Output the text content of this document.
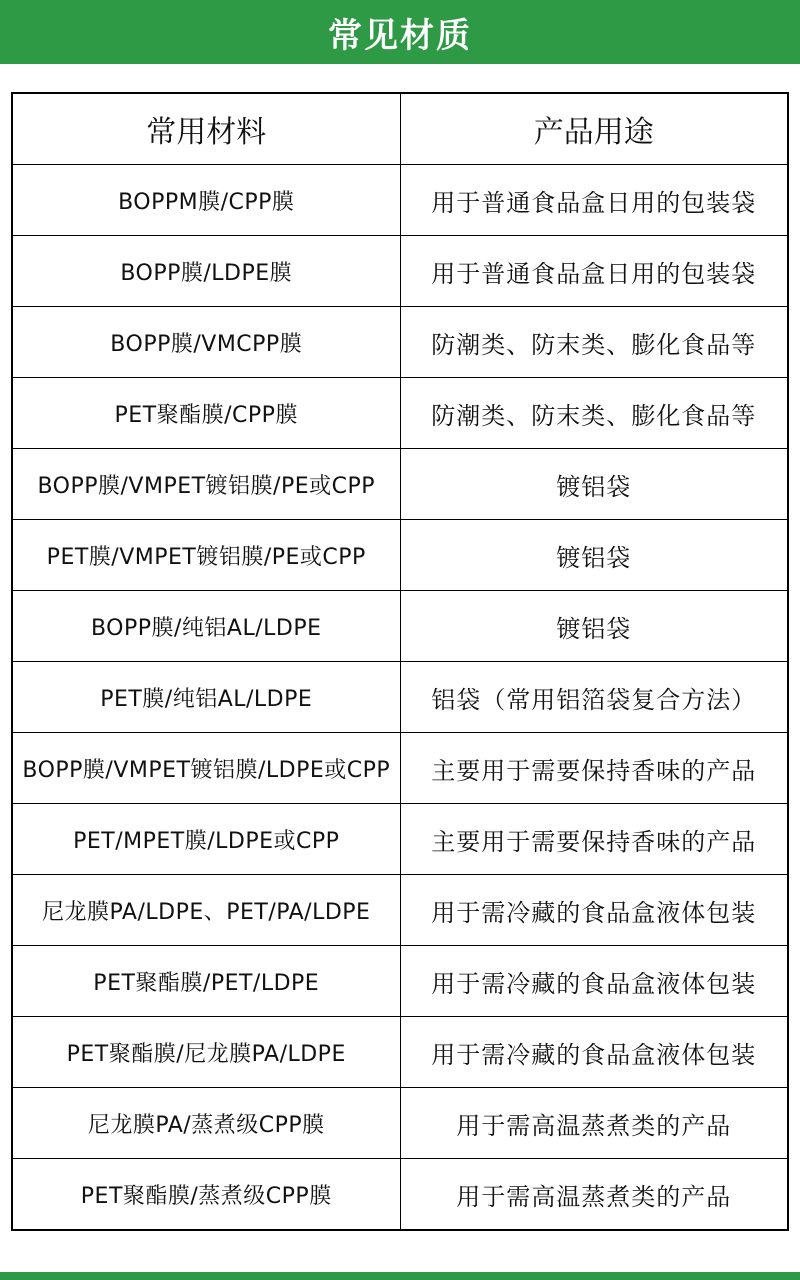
常见材质
常用材料	产品用途
BOPPM膜/CPP膜	用于普通食品盒日用的包装袋
BOPP膜/LDPE膜	用于普通食品盒日用的包装袋
BOPP膜/VMCPP膜	防潮类、防末类、膨化食品等
PET聚酯膜/CPP膜	防潮类、防末类、膨化食品等
BOPP膜/VMPET镀铝膜/PE或CPP	镀铝袋
PET膜/VMPET镀铝膜/PE或CPP	镀铝袋
BOPP膜/纯铝AL/LDPE	镀铝袋
PET膜/纯铝AL/LDPE	铝袋（常用铝箔袋复合方法）
BOPP膜/VMPET镀铝膜/LDPE或CPP	主要用于需要保持香味的产品
PET/MPET膜/LDPE或CPP	主要用于需要保持香味的产品
尼龙膜PA/LDPE、PET/PA/LDPE	用于需冷藏的食品盒液体包装
PET聚酯膜/PET/LDPE	用于需冷藏的食品盒液体包装
PET聚酯膜/尼龙膜PA/LDPE	用于需冷藏的食品盒液体包装
尼龙膜PA/蒸煮级CPP膜	用于需高温蒸煮类的产品
PET聚酯膜/蒸煮级CPP膜	用于需高温蒸煮类的产品
